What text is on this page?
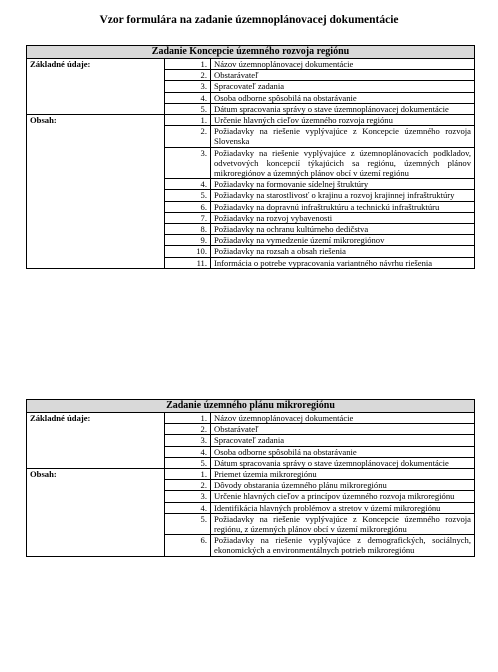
Vzor formulára na zadanie územnoplánovacej dokumentácie
Zadanie Koncepcie územného rozvoja regiónu		
Základné údaje:	1.	Názov územnoplánovacej dokumentácie
	2.	Obstarávateľ
	3.	Spracovateľ zadania
	4.	Osoba odborne spôsobilá na obstarávanie
	5.	Dátum spracovania správy o stave územnoplánovacej dokumentácie
Obsah:	1.	Určenie hlavných cieľov územného rozvoja regiónu
	2.	Požiadavky na riešenie vyplývajúce z Koncepcie územného rozvoja Slovenska
	3.	Požiadavky na riešenie vyplývajúce z územnoplánovacích podkladov, odvetvových koncepcií týkajúcich sa regiónu, územných plánov mikroregiónov a územných plánov obcí v území regiónu
	4.	Požiadavky na formovanie sídelnej štruktúry
	5.	Požiadavky na starostlivosť o krajinu a rozvoj krajinnej infraštruktúry
	6.	Požiadavky na dopravnú infraštruktúru a technickú infraštruktúru
	7.	Požiadavky na rozvoj vybavenosti
	8.	Požiadavky na ochranu kultúrneho dedičstva
	9.	Požiadavky na vymedzenie území mikroregiónov
	10.	Požiadavky na rozsah a obsah riešenia
	11.	Informácia o potrebe vypracovania variantného návrhu riešenia
Zadanie územného plánu mikroregiónu		
Základné údaje:	1.	Názov územnoplánovacej dokumentácie
	2.	Obstarávateľ
	3.	Spracovateľ zadania
	4.	Osoba odborne spôsobilá na obstarávanie
	5.	Dátum spracovania správy o stave územnoplánovacej dokumentácie
Obsah:	1.	Priemet územia mikroregiónu
	2.	Dôvody obstarania územného plánu mikroregiónu
	3.	Určenie hlavných cieľov a princípov územného rozvoja mikroregiónu
	4.	Identifikácia hlavných problémov a stretov v území mikroregiónu
	5.	Požiadavky na riešenie vyplývajúce z Koncepcie územného rozvoja regiónu, z územných plánov obcí v území mikroregiónu
	6.	Požiadavky na riešenie vyplývajúce z demografických, sociálnych, ekonomických a environmentálnych potrieb mikroregiónu
